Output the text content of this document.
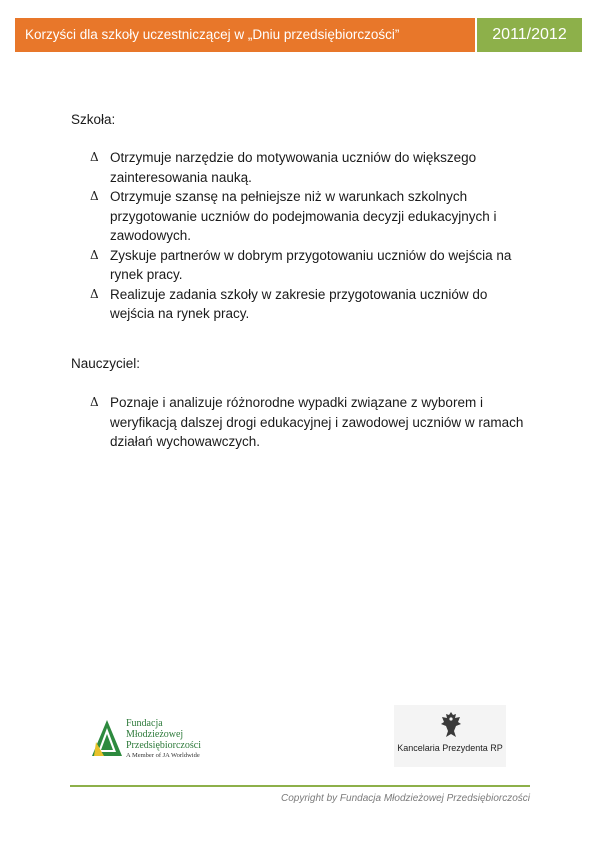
Korzyści dla szkoły uczestniczącej w „Dniu przedsiębiorczości”	2011/2012
Szkoła:
Δ Otrzymuje narzędzie do motywowania uczniów do większego zainteresowania nauką.
Δ Otrzymuje szansę na pełniejsze niż w warunkach szkolnych przygotowanie uczniów do podejmowania decyzji edukacyjnych i zawodowych.
Δ Zyskuje partnerów w dobrym przygotowaniu uczniów do wejścia na rynek pracy.
Δ Realizuje zadania szkoły w zakresie przygotowania uczniów do wejścia na rynek pracy.
Nauczyciel:
Δ Poznaje i analizuje różnorodne wypadki związane z wyborem i weryfikacją dalszej drogi edukacyjnej i zawodowej uczniów w ramach działań wychowawczych.
Fundacja
Młodzieżowej
Przedsiębiorczości
A Member of JA Worldwide
Kancelaria Prezydenta RP
Copyright by Fundacja Młodzieżowej Przedsiębiorczości
